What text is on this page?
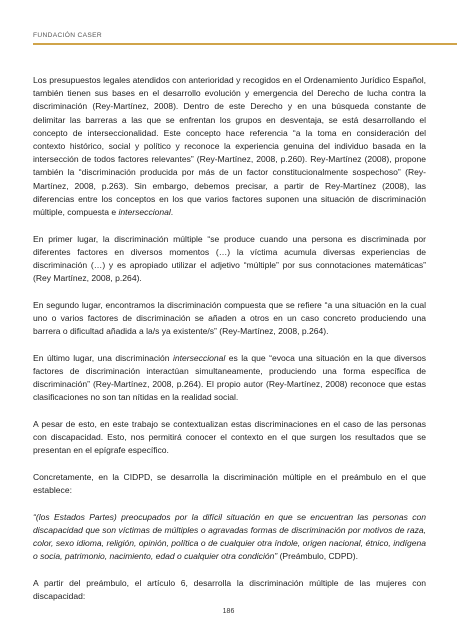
FUNDACIÓN CASER

Los presupuestos legales atendidos con anterioridad y recogidos en el Ordenamiento Jurídico Español, también tienen sus bases en el desarrollo evolución y emergencia del Derecho de lucha contra la discriminación (Rey-Martínez, 2008). Dentro de este Derecho y en una búsqueda constante de delimitar las barreras a las que se enfrentan los grupos en desventaja, se está desarrollando el concepto de interseccionalidad. Este concepto hace referencia “a la toma en consideración del contexto histórico, social y político y reconoce la experiencia genuina del individuo basada en la intersección de todos factores relevantes” (Rey-Martínez, 2008, p.260). Rey-Martínez (2008), propone también la “discriminación producida por más de un factor constitucionalmente sospechoso” (Rey-Martínez, 2008, p.263). Sin embargo, debemos precisar, a partir de Rey-Martínez (2008), las diferencias entre los conceptos en los que varios factores suponen una situación de discriminación múltiple, compuesta e interseccional.

En primer lugar, la discriminación múltiple “se produce cuando una persona es discriminada por diferentes factores en diversos momentos (…) la víctima acumula diversas experiencias de discriminación (…) y es apropiado utilizar el adjetivo “múltiple” por sus connotaciones matemáticas” (Rey Martínez, 2008, p.264).

En segundo lugar, encontramos la discriminación compuesta que se refiere “a una situación en la cual uno o varios factores de discriminación se añaden a otros en un caso concreto produciendo una barrera o dificultad añadida a la/s ya existente/s” (Rey-Martínez, 2008, p.264).

En último lugar, una discriminación interseccional es la que “evoca una situación en la que diversos factores de discriminación interactúan simultaneamente, produciendo una forma específica de discriminación” (Rey-Martínez, 2008, p.264). El propio autor (Rey-Martínez, 2008) reconoce que estas clasificaciones no son tan nítidas en la realidad social.

A pesar de esto, en este trabajo se contextualizan estas discriminaciones en el caso de las personas con discapacidad. Esto, nos permitirá conocer el contexto en el que surgen los resultados que se presentan en el epígrafe específico.

Concretamente, en la CIDPD, se desarrolla la discriminación múltiple en el preámbulo en el que establece:

“(los Estados Partes) preocupados por la difícil situación en que se encuentran las personas con discapacidad que son víctimas de múltiples o agravadas formas de discriminación por motivos de raza, color, sexo idioma, religión, opinión, política o de cualquier otra índole, origen nacional, étnico, indígena o socia, patrimonio, nacimiento, edad o cualquier otra condición” (Preámbulo, CDPD).

A partir del preámbulo, el artículo 6, desarrolla la discriminación múltiple de las mujeres con discapacidad:

186
